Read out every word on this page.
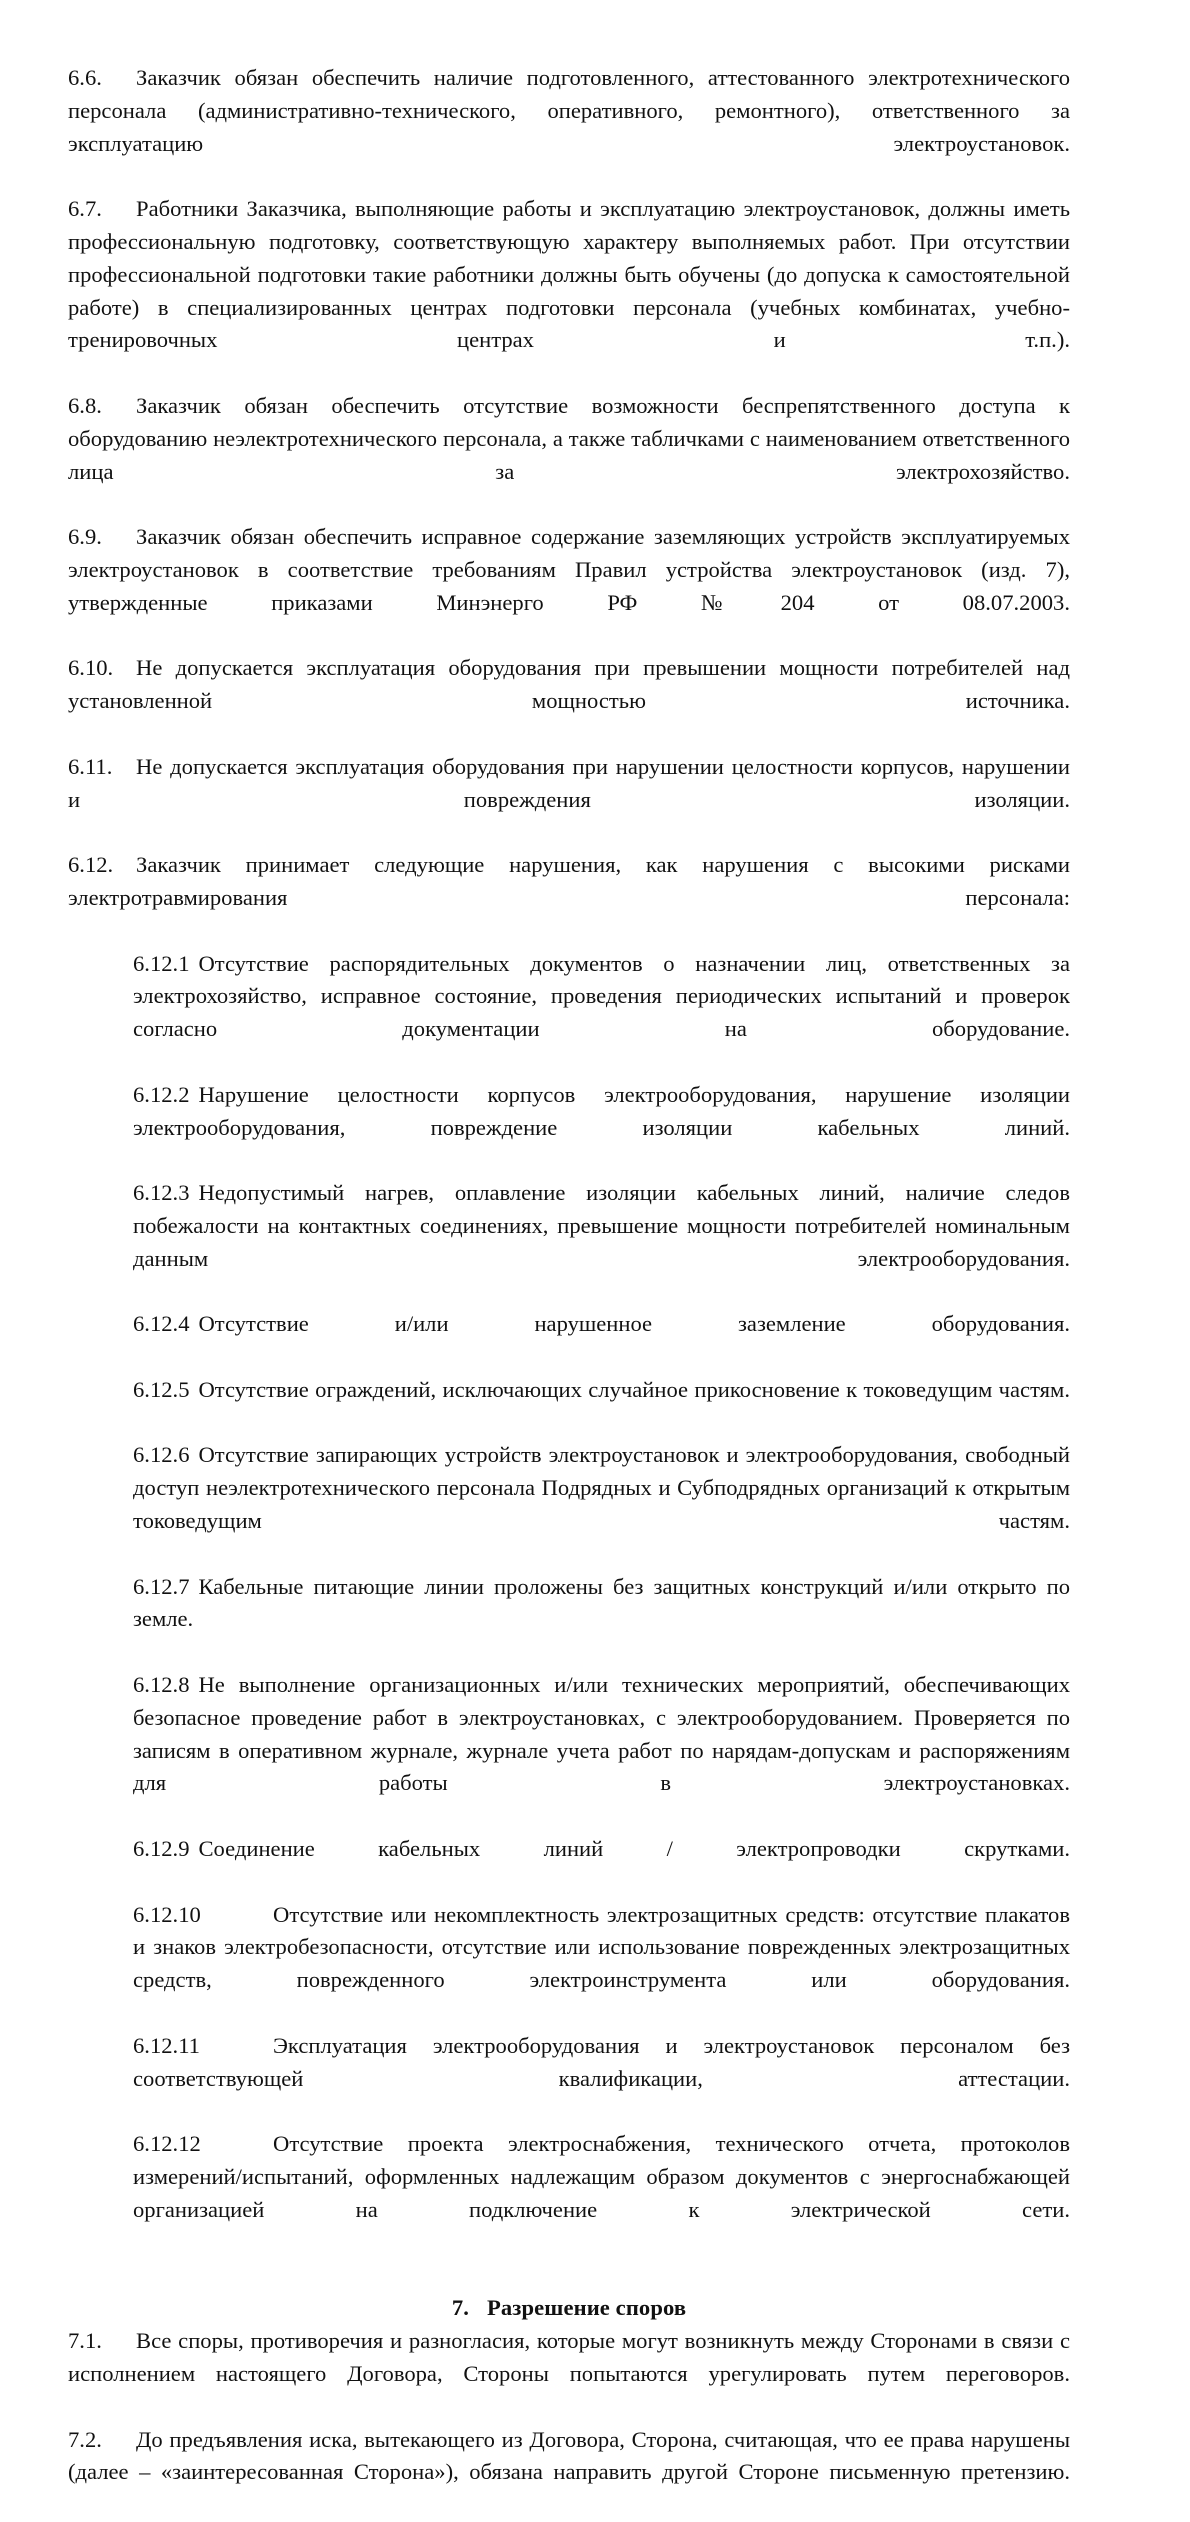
6.6. Заказчик обязан обеспечить наличие подготовленного, аттестованного электротехнического персонала (административно-технического, оперативного, ремонтного), ответственного за эксплуатацию электроустановок.
6.7. Работники Заказчика, выполняющие работы и эксплуатацию электроустановок, должны иметь профессиональную подготовку, соответствующую характеру выполняемых работ. При отсутствии профессиональной подготовки такие работники должны быть обучены (до допуска к самостоятельной работе) в специализированных центрах подготовки персонала (учебных комбинатах, учебно-тренировочных центрах и т.п.).
6.8. Заказчик обязан обеспечить отсутствие возможности беспрепятственного доступа к оборудованию неэлектротехнического персонала, а также табличками с наименованием ответственного лица за электрохозяйство.
6.9. Заказчик обязан обеспечить исправное содержание заземляющих устройств эксплуатируемых электроустановок в соответствие требованиям Правил устройства электроустановок (изд. 7), утвержденные приказами Минэнерго РФ №204 от 08.07.2003.
6.10. Не допускается эксплуатация оборудования при превышении мощности потребителей над установленной мощностью источника.
6.11. Не допускается эксплуатация оборудования при нарушении целостности корпусов, нарушении и повреждения изоляции.
6.12. Заказчик принимает следующие нарушения, как нарушения с высокими рисками электротравмирования персонала:
6.12.1 Отсутствие распорядительных документов о назначении лиц, ответственных за электрохозяйство, исправное состояние, проведения периодических испытаний и проверок согласно документации на оборудование.
6.12.2 Нарушение целостности корпусов электрооборудования, нарушение изоляции электрооборудования, повреждение изоляции кабельных линий.
6.12.3 Недопустимый нагрев, оплавление изоляции кабельных линий, наличие следов побежалости на контактных соединениях, превышение мощности потребителей номинальным данным электрооборудования.
6.12.4 Отсутствие и/или нарушенное заземление оборудования.
6.12.5 Отсутствие ограждений, исключающих случайное прикосновение к токоведущим частям.
6.12.6 Отсутствие запирающих устройств электроустановок и электрооборудования, свободный доступ неэлектротехнического персонала Подрядных и Субподрядных организаций к открытым токоведущим частям.
6.12.7 Кабельные питающие линии проложены без защитных конструкций и/или открыто по земле.
6.12.8 Не выполнение организационных и/или технических мероприятий, обеспечивающих безопасное проведение работ в электроустановках, с электрооборудованием. Проверяется по записям в оперативном журнале, журнале учета работ по нарядам-допускам и распоряжениям для работы в электроустановках.
6.12.9 Соединение кабельных линий / электропроводки скрутками.
6.12.10	Отсутствие или некомплектность электрозащитных средств: отсутствие плакатов и знаков электробезопасности, отсутствие или использование поврежденных электрозащитных средств, поврежденного электроинструмента или оборудования.
6.12.11	Эксплуатация электрооборудования и электроустановок персоналом без соответствующей квалификации, аттестации.
6.12.12	Отсутствие проекта электроснабжения, технического отчета, протоколов измерений/испытаний, оформленных надлежащим образом документов с энергоснабжающей организацией на подключение к электрической сети.
7. Разрешение споров
7.1. Все споры, противоречия и разногласия, которые могут возникнуть между Сторонами в связи с исполнением настоящего Договора, Стороны попытаются урегулировать путем переговоров.
7.2. До предъявления иска, вытекающего из Договора, Сторона, считающая, что ее права нарушены (далее – «заинтересованная Сторона»), обязана направить другой Стороне письменную претензию.
